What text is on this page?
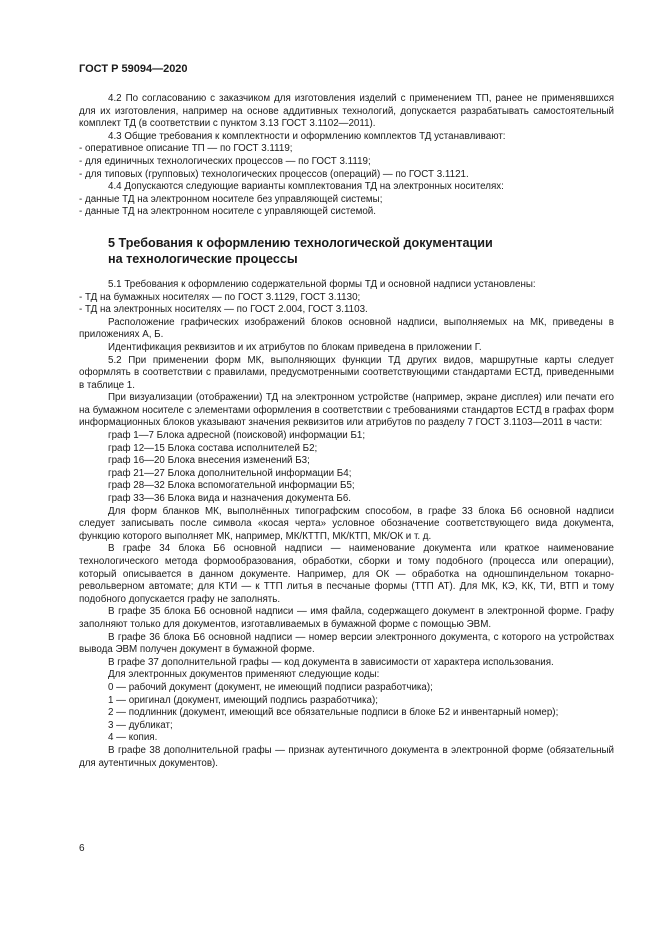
ГОСТ Р 59094—2020

4.2 По согласованию с заказчиком для изготовления изделий с применением ТП, ранее не применявшихся для их изготовления, например на основе аддитивных технологий, допускается разрабатывать самостоятельный комплект ТД (в соответствии с пунктом 3.13 ГОСТ 3.1102—2011).

4.3 Общие требования к комплектности и оформлению комплектов ТД устанавливают:

- оперативное описание ТП — по ГОСТ 3.1119;
- для единичных технологических процессов — по ГОСТ 3.1119;
- для типовых (групповых) технологических процессов (операций) — по ГОСТ 3.1121.

4.4 Допускаются следующие варианты комплектования ТД на электронных носителях:

- данные ТД на электронном носителе без управляющей системы;
- данные ТД на электронном носителе с управляющей системой.
5 Требования к оформлению технологической документации
на технологические процессы

5.1 Требования к оформлению содержательной формы ТД и основной надписи установлены:

- ТД на бумажных носителях — по ГОСТ 3.1129, ГОСТ 3.1130;
- ТД на электронных носителях — по ГОСТ 2.004, ГОСТ 3.1103.

Расположение графических изображений блоков основной надписи, выполняемых на МК, приведены в приложениях А, Б.

Идентификация реквизитов и их атрибутов по блокам приведена в приложении Г.

5.2 При применении форм МК, выполняющих функции ТД других видов, маршрутные карты следует оформлять в соответствии с правилами, предусмотренными соответствующими стандартами ЕСТД, приведенными в таблице 1.

При визуализации (отображении) ТД на электронном устройстве (например, экране дисплея) или печати его на бумажном носителе с элементами оформления в соответствии с требованиями стандартов ЕСТД в графах форм информационных блоков указывают значения реквизитов или атрибутов по разделу 7 ГОСТ 3.1103—2011 в части:

граф 1—7 Блока адресной (поисковой) информации Б1;
граф 12—15 Блока состава исполнителей Б2;
граф 16—20 Блока внесения изменений Б3;
граф 21—27 Блока дополнительной информации Б4;
граф 28—32 Блока вспомогательной информации Б5;
граф 33—36 Блока вида и назначения документа Б6.

Для форм бланков МК, выполнённых типографским способом, в графе 33 блока Б6 основной надписи следует записывать после символа «косая черта» условное обозначение соответствующего вида документа, функцию которого выполняет МК, например, МК/КТТП, МК/КТП, МК/ОК и т. д.

В графе 34 блока Б6 основной надписи — наименование документа или краткое наименование технологического метода формообразования, обработки, сборки и тому подобного (процесса или операции), который описывается в данном документе. Например, для ОК — обработка на одношпиндельном токарно-револьверном автомате; для КТИ — к ТТП литья в песчаные формы (ТТП АТ). Для МК, КЭ, КК, ТИ, ВТП и тому подобного допускается графу не заполнять.

В графе 35 блока Б6 основной надписи — имя файла, содержащего документ в электронной форме. Графу заполняют только для документов, изготавливаемых в бумажной форме с помощью ЭВМ.

В графе 36 блока Б6 основной надписи — номер версии электронного документа, с которого на устройствах вывода ЭВМ получен документ в бумажной форме.

В графе 37 дополнительной графы — код документа в зависимости от характера использования.

Для электронных документов применяют следующие коды:

0 — рабочий документ (документ, не имеющий подписи разработчика);
1 — оригинал (документ, имеющий подпись разработчика);
2 — подлинник (документ, имеющий все обязательные подписи в блоке Б2 и инвентарный номер);
3 — дубликат;
4 — копия.

В графе 38 дополнительной графы — признак аутентичного документа в электронной форме (обязательный для аутентичных документов).

6
